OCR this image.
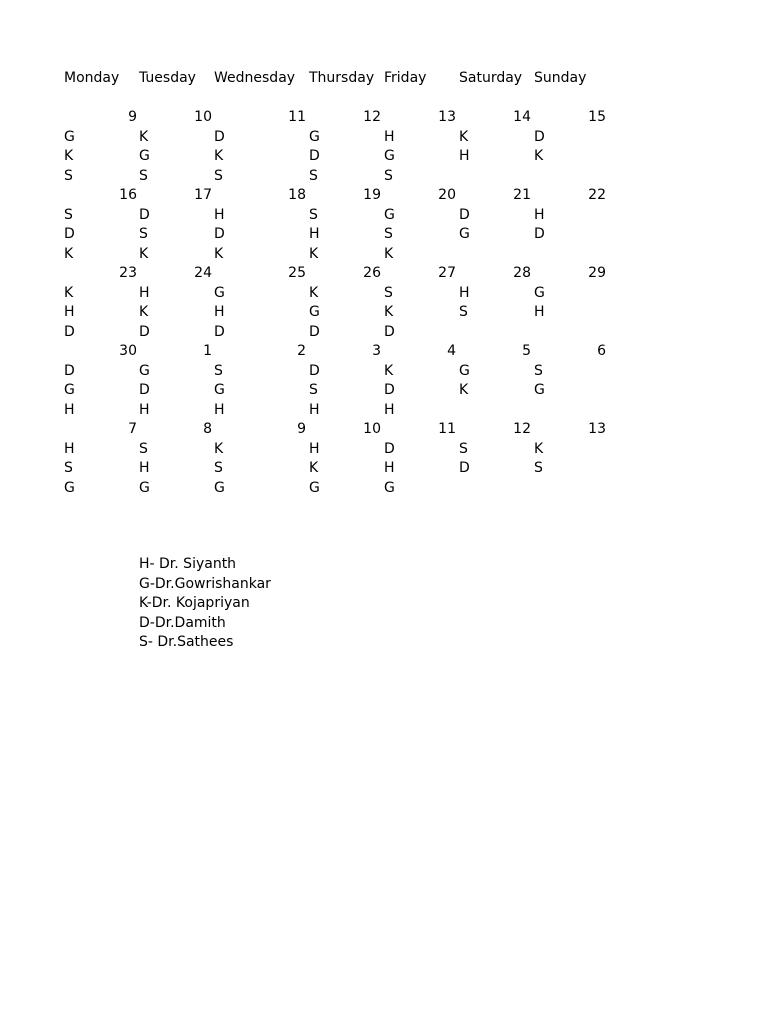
Monday Tuesday Wednesday Thursday Friday Saturday Sunday
9	10	11	12	13	14	15
G	K	D	G	H	K	D
K	G	K	D	G	H	K
S	S	S	S	S
16	17	18	19	20	21	22
S	D	H	S	G	D	H
D	S	D	H	S	G	D
K	K	K	K	K
23	24	25	26	27	28	29
K	H	G	K	S	H	G
H	K	H	G	K	S	H
D	D	D	D	D
30	1	2	3	4	5	6
D	G	S	D	K	G	S
G	D	G	S	D	K	G
H	H	H	H	H
7	8	9	10	11	12	13
H	S	K	H	D	S	K
S	H	S	K	H	D	S
G	G	G	G	G
H- Dr. Siyanth
G-Dr.Gowrishankar
K-Dr. Kojapriyan
D-Dr.Damith
S- Dr.Sathees
